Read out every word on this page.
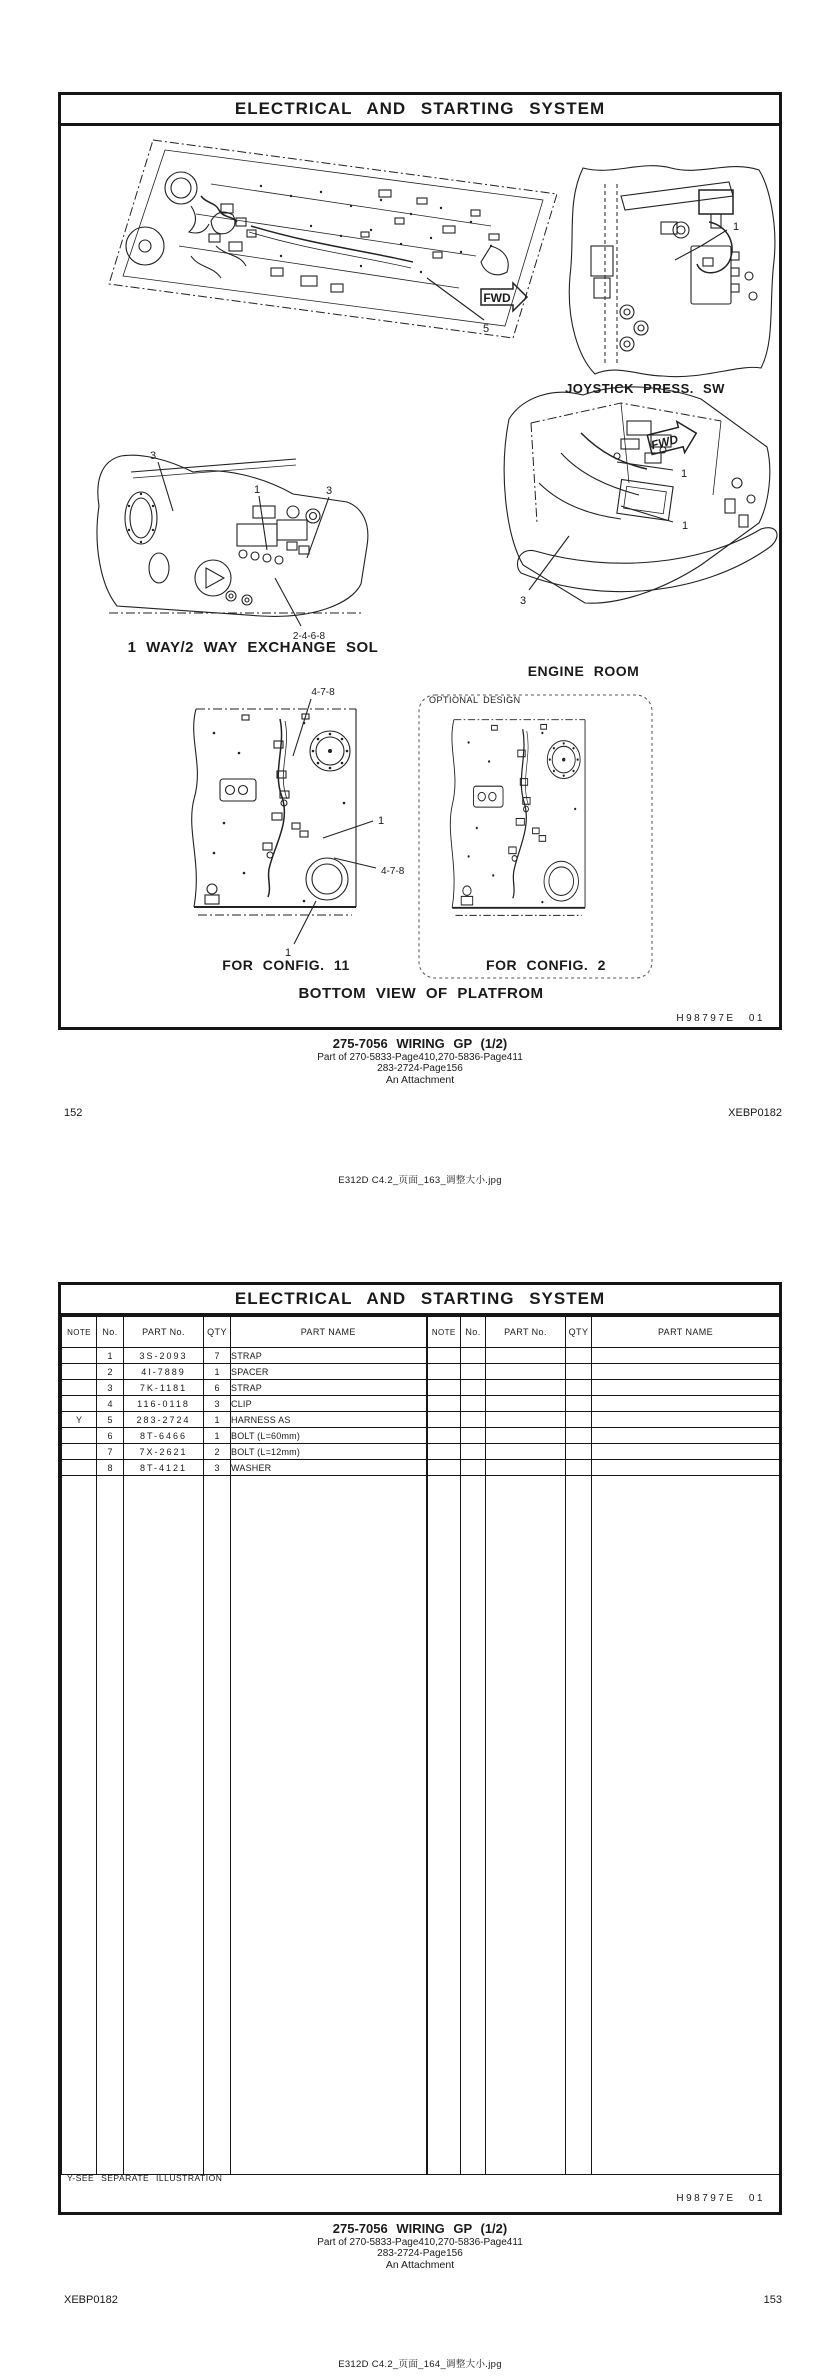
ELECTRICAL AND STARTING SYSTEM
FWD
5
1
3
1	3
2-4-6-8
FWD
1
1
3
4-7-8
1
4-7-8
1
JOYSTICK PRESS. SW
1 WAY/2 WAY EXCHANGE SOL
ENGINE ROOM
OPTIONAL DESIGN
FOR CONFIG. 11	FOR CONFIG. 2
BOTTOM VIEW OF PLATFROM
H98797E 01
275-7056 WIRING GP (1/2)
Part of 270-5833-Page410,270-5836-Page411
283-2724-Page156
An Attachment
152	XEBP0182
E312D C4.2_页面_163_调整大小.jpg
ELECTRICAL AND STARTING SYSTEM
NOTE	No.	PART No.	QTY	PART NAME	NOTE	No.	PART No.	QTY	PART NAME
	1	3S-2093	7	STRAP					
	2	4I-7889	1	SPACER					
	3	7K-1181	6	STRAP					
	4	116-0118	3	CLIP					
Y	5	283-2724	1	HARNESS AS					
	6	8T-6466	1	BOLT (L=60mm)					
	7	7X-2621	2	BOLT (L=12mm)					
	8	8T-4121	3	WASHER					

Y-SEE SEPARATE ILLUSTRATION
H98797E 01
275-7056 WIRING GP (1/2)
Part of 270-5833-Page410,270-5836-Page411
283-2724-Page156
An Attachment
XEBP0182	153
E312D C4.2_页面_164_调整大小.jpg
